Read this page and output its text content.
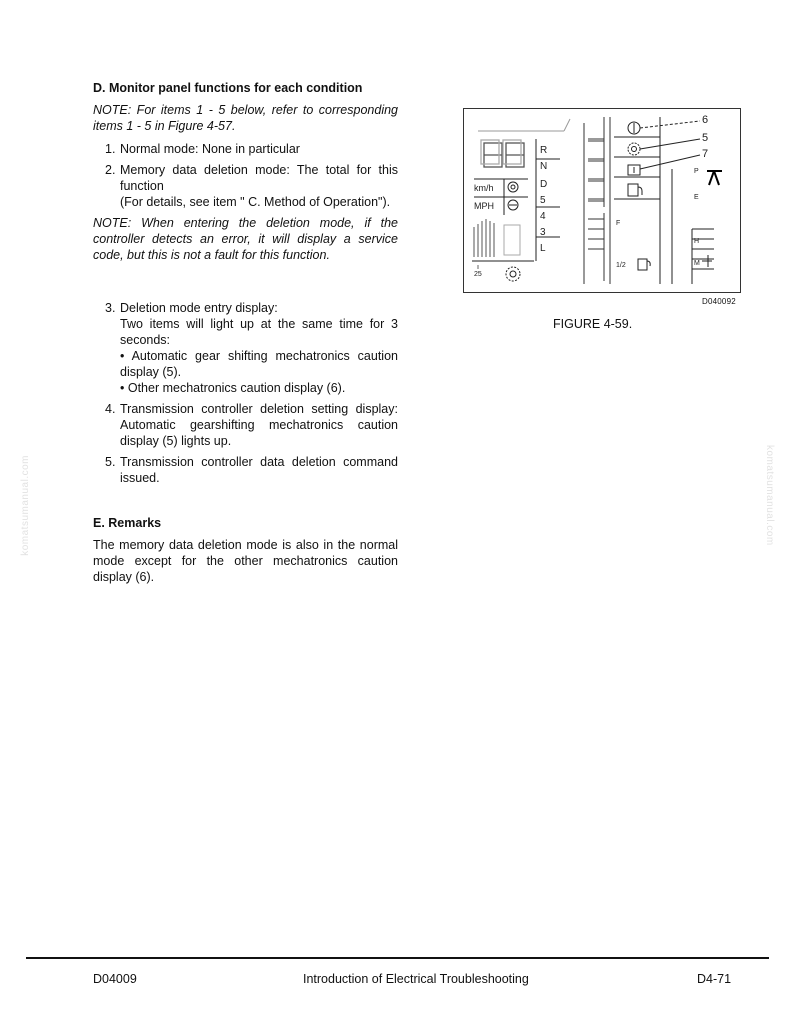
D. Monitor panel functions for each condition
NOTE: For items 1 - 5 below, refer to corresponding items 1 - 5 in Figure 4-57.
1. Normal mode: None in particular
2. Memory data deletion mode: The total for this function
(For details, see item " C. Method of Operation").
NOTE: When entering the deletion mode, if the controller detects an error, it will display a service code, but this is not a fault for this function.
3. Deletion mode entry display:
Two items will light up at the same time for 3 seconds:
• Automatic gear shifting mechatronics caution display (5).
• Other mechatronics caution display (6).
4. Transmission controller deletion setting display: Automatic gearshifting mechatronics caution display (5) lights up.
5. Transmission controller data deletion command issued.
E. Remarks

The memory data deletion mode is also in the normal mode except for the other mechatronics caution display (6).

R
N
D
5
4
3
L
km/h
MPH
25
F
1/2
P
E
H
M
6
5
7
D040092
FIGURE 4-59.
komatsumanual.com	komatsumanual.com
D04009	Introduction of Electrical Troubleshooting	D4-71
